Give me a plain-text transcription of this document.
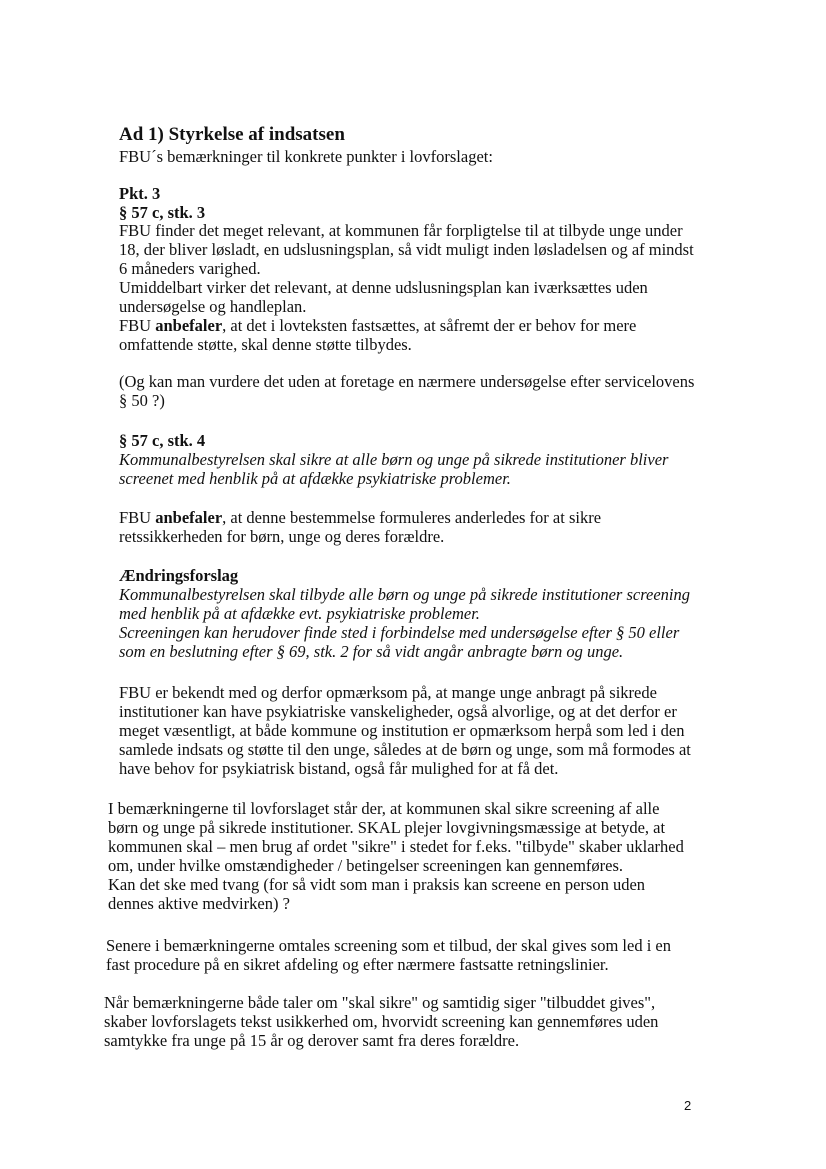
Ad 1) Styrkelse af indsatsen
FBU´s bemærkninger til konkrete punkter i lovforslaget:
Pkt. 3
§ 57 c, stk. 3
FBU finder det meget relevant, at kommunen får forpligtelse til at tilbyde unge under
18, der bliver løsladt, en udslusningsplan, så vidt muligt inden løsladelsen og af mindst
6 måneders varighed.
Umiddelbart virker det relevant, at denne udslusningsplan kan iværksættes uden
undersøgelse og handleplan.
FBU anbefaler, at det i lovteksten fastsættes, at såfremt der er behov for mere
omfattende støtte, skal denne støtte tilbydes.
(Og kan man vurdere det uden at foretage en nærmere undersøgelse efter servicelovens
§ 50 ?)
§ 57 c, stk. 4
Kommunalbestyrelsen skal sikre at alle børn og unge på sikrede institutioner bliver
screenet med henblik på at afdække psykiatriske problemer.
FBU anbefaler, at denne bestemmelse formuleres anderledes for at sikre
retssikkerheden for børn, unge og deres forældre.
Ændringsforslag
Kommunalbestyrelsen skal tilbyde alle børn og unge på sikrede institutioner screening
med henblik på at afdække evt. psykiatriske problemer.
Screeningen kan herudover finde sted i forbindelse med undersøgelse efter § 50 eller
som en beslutning efter § 69, stk. 2 for så vidt angår anbragte børn og unge.
FBU er bekendt med og derfor opmærksom på, at mange unge anbragt på sikrede
institutioner kan have psykiatriske vanskeligheder, også alvorlige, og at det derfor er
meget væsentligt, at både kommune og institution er opmærksom herpå som led i den
samlede indsats og støtte til den unge, således at de børn og unge, som må formodes at
have behov for psykiatrisk bistand, også får mulighed for at få det.
I bemærkningerne til lovforslaget står der, at kommunen skal sikre screening af alle
børn og unge på sikrede institutioner. SKAL plejer lovgivningsmæssige at betyde, at
kommunen skal – men brug af ordet "sikre" i stedet for f.eks. "tilbyde" skaber uklarhed
om, under hvilke omstændigheder / betingelser screeningen kan gennemføres.
Kan det ske med tvang (for så vidt som man i praksis kan screene en person uden
dennes aktive medvirken) ?
Senere i bemærkningerne omtales screening som et tilbud, der skal gives som led i en
fast procedure på en sikret afdeling og efter nærmere fastsatte retningslinier.
Når bemærkningerne både taler om "skal sikre" og samtidig siger "tilbuddet gives",
skaber lovforslagets tekst usikkerhed om, hvorvidt screening kan gennemføres uden
samtykke fra unge på 15 år og derover samt fra deres forældre.
2
